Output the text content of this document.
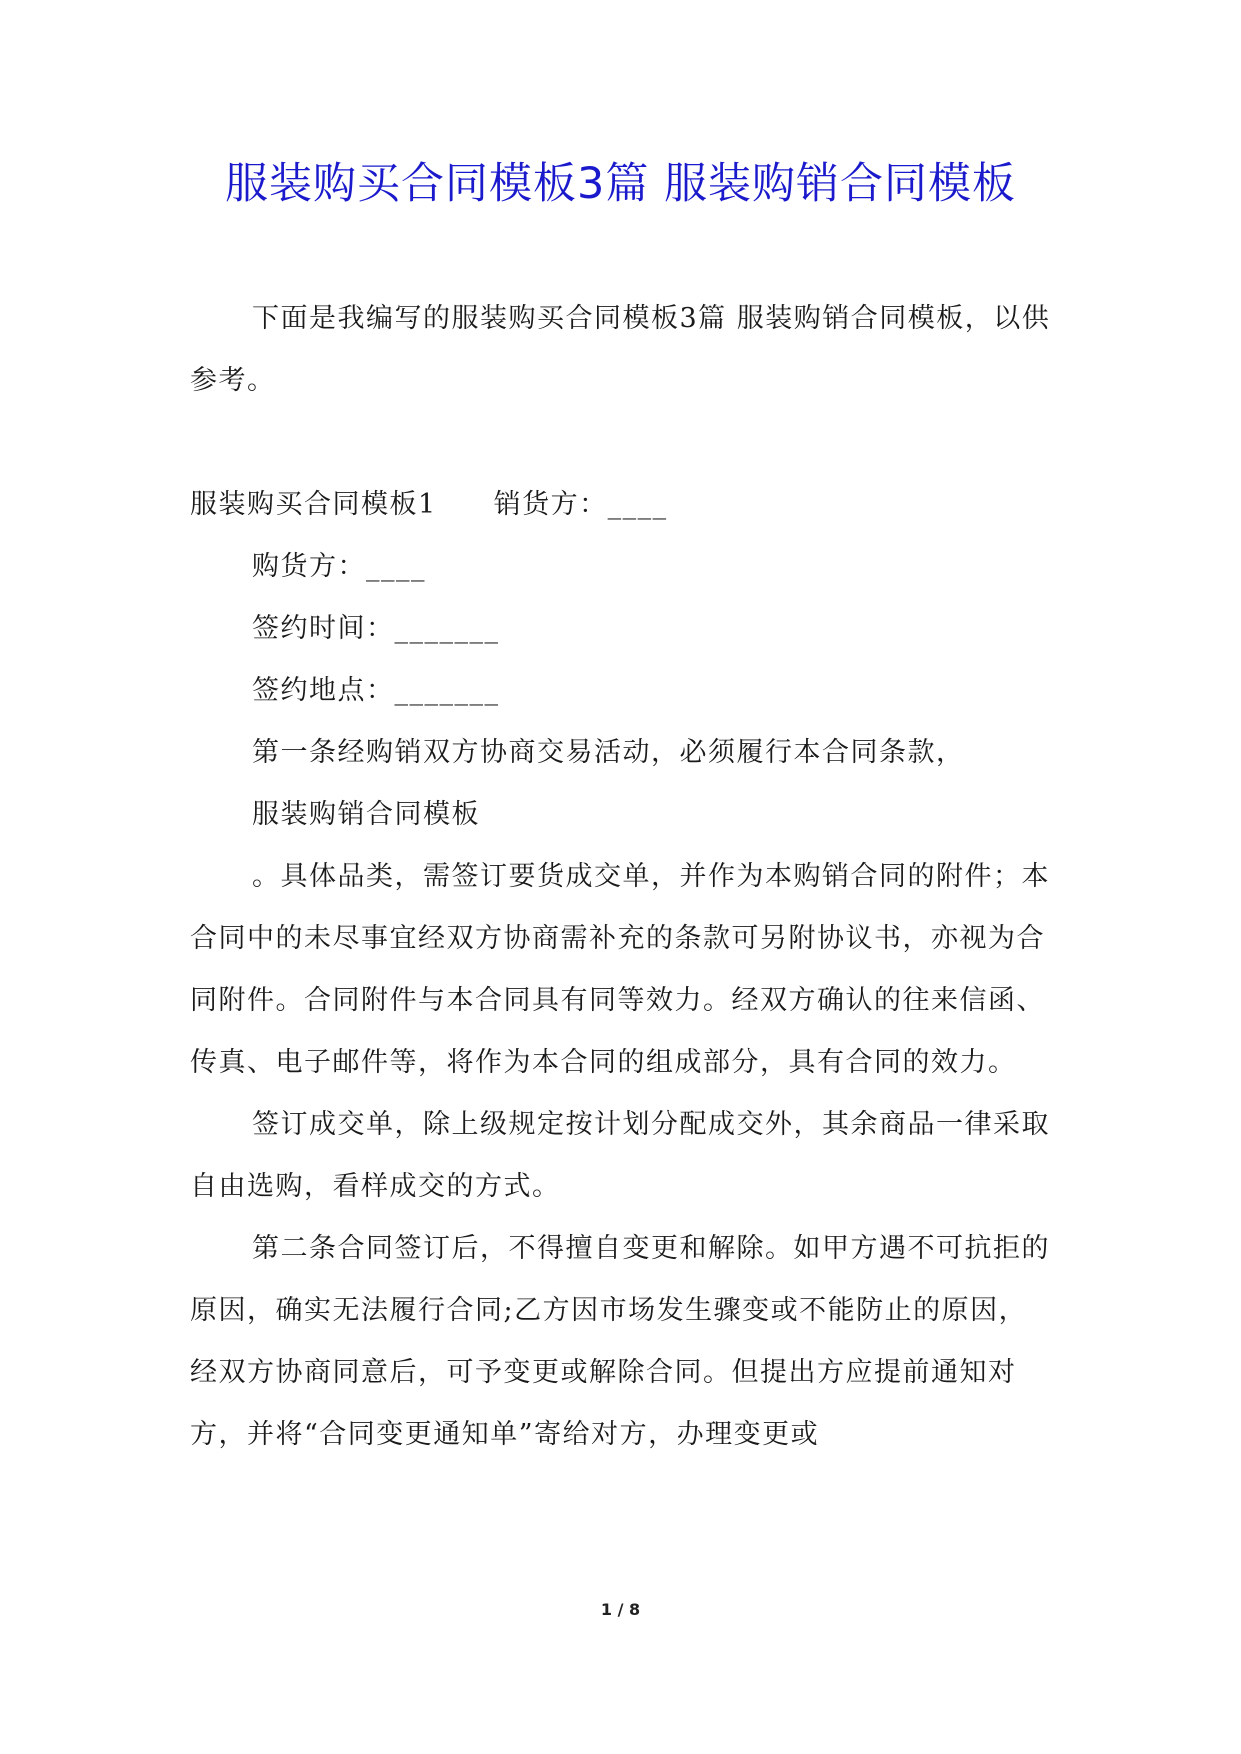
服装购买合同模板3篇 服装购销合同模板

下面是我编写的服装购买合同模板3篇 服装购销合同模板，以供参考。

服装购买合同模板1　　销货方：____

购货方：____

签约时间：_______

签约地点：_______

第一条经购销双方协商交易活动，必须履行本合同条款，

服装购销合同模板

。具体品类，需签订要货成交单，并作为本购销合同的附件；本合同中的未尽事宜经双方协商需补充的条款可另附协议书，亦视为合同附件。合同附件与本合同具有同等效力。经双方确认的往来信函、传真、电子邮件等，将作为本合同的组成部分，具有合同的效力。

签订成交单，除上级规定按计划分配成交外，其余商品一律采取自由选购，看样成交的方式。

第二条合同签订后，不得擅自变更和解除。如甲方遇不可抗拒的原因，确实无法履行合同;乙方因市场发生骤变或不能防止的原因，经双方协商同意后，可予变更或解除合同。但提出方应提前通知对方，并将“合同变更通知单”寄给对方，办理变更或

1 / 8
